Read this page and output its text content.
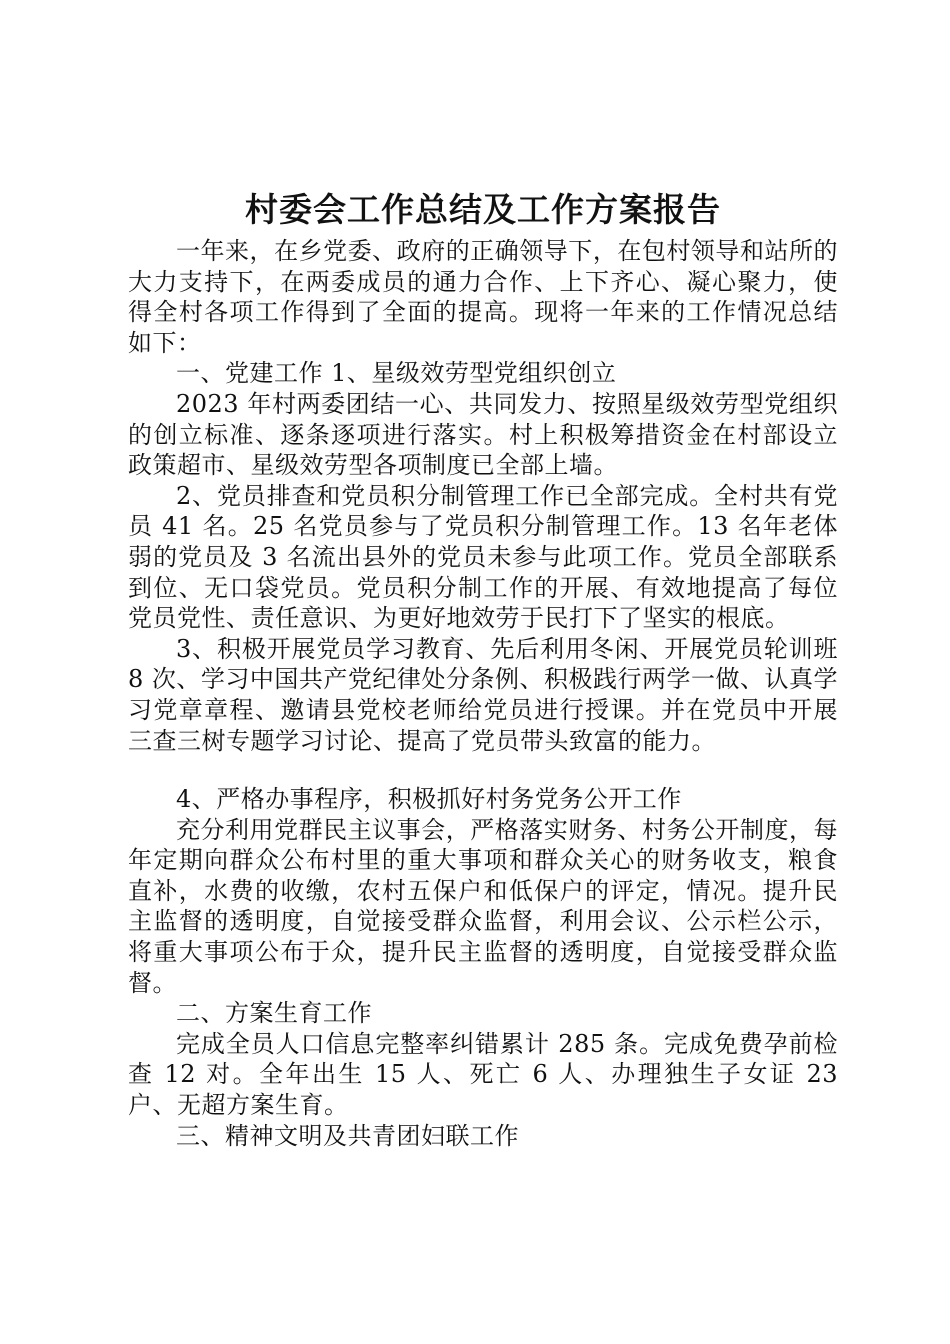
村委会工作总结及工作方案报告

一年来，在乡党委、政府的正确领导下，在包村领导和站所的大力支持下，在两委成员的通力合作、上下齐心、凝心聚力，使得全村各项工作得到了全面的提高。现将一年来的工作情况总结如下：

一、党建工作 1、星级效劳型党组织创立

2023 年村两委团结一心、共同发力、按照星级效劳型党组织的创立标准、逐条逐项进行落实。村上积极筹措资金在村部设立政策超市、星级效劳型各项制度已全部上墙。

2、党员排查和党员积分制管理工作已全部完成。全村共有党员 41 名。25 名党员参与了党员积分制管理工作。13 名年老体弱的党员及 3 名流出县外的党员未参与此项工作。党员全部联系到位、无口袋党员。党员积分制工作的开展、有效地提高了每位党员党性、责任意识、为更好地效劳于民打下了坚实的根底。

3、积极开展党员学习教育、先后利用冬闲、开展党员轮训班 8 次、学习中国共产党纪律处分条例、积极践行两学一做、认真学习党章章程、邀请县党校老师给党员进行授课。并在党员中开展三查三树专题学习讨论、提高了党员带头致富的能力。

4、严格办事程序，积极抓好村务党务公开工作

充分利用党群民主议事会，严格落实财务、村务公开制度，每年定期向群众公布村里的重大事项和群众关心的财务收支，粮食直补，水费的收缴，农村五保户和低保户的评定，情况。提升民主监督的透明度，自觉接受群众监督，利用会议、公示栏公示，将重大事项公布于众，提升民主监督的透明度，自觉接受群众监督。

二、方案生育工作

完成全员人口信息完整率纠错累计 285 条。完成免费孕前检查 12 对。全年出生 15 人、死亡 6 人、办理独生子女证 23 户、无超方案生育。

三、精神文明及共青团妇联工作
